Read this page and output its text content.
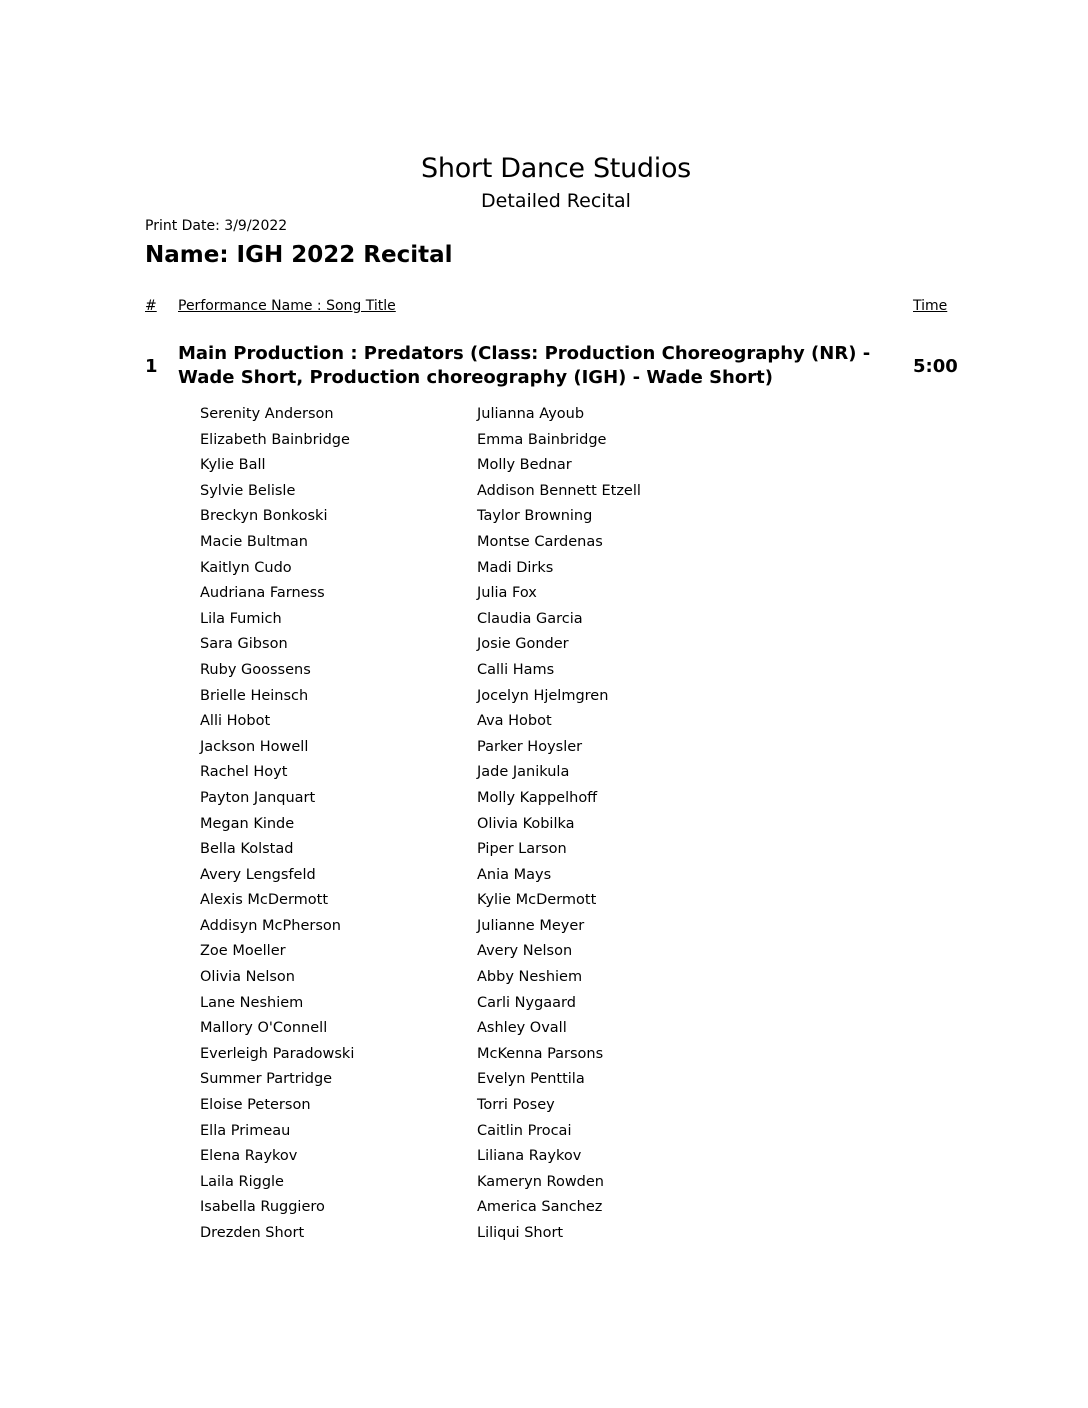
Short Dance Studios
Detailed Recital
Print Date: 3/9/2022
Name: IGH 2022 Recital
# Performance Name : Song Title	Time
1
Main Production : Predators (Class: Production Choreography (NR) - Wade Short, Production choreography (IGH) - Wade Short)
5:00
Serenity Anderson	Julianna Ayoub
Elizabeth Bainbridge	Emma Bainbridge
Kylie Ball	Molly Bednar
Sylvie Belisle	Addison Bennett Etzell
Breckyn Bonkoski	Taylor Browning
Macie Bultman	Montse Cardenas
Kaitlyn Cudo	Madi Dirks
Audriana Farness	Julia Fox
Lila Fumich	Claudia Garcia
Sara Gibson	Josie Gonder
Ruby Goossens	Calli Hams
Brielle Heinsch	Jocelyn Hjelmgren
Alli Hobot	Ava Hobot
Jackson Howell	Parker Hoysler
Rachel Hoyt	Jade Janikula
Payton Janquart	Molly Kappelhoff
Megan Kinde	Olivia Kobilka
Bella Kolstad	Piper Larson
Avery Lengsfeld	Ania Mays
Alexis McDermott	Kylie McDermott
Addisyn McPherson	Julianne Meyer
Zoe Moeller	Avery Nelson
Olivia Nelson	Abby Neshiem
Lane Neshiem	Carli Nygaard
Mallory O'Connell	Ashley Ovall
Everleigh Paradowski	McKenna Parsons
Summer Partridge	Evelyn Penttila
Eloise Peterson	Torri Posey
Ella Primeau	Caitlin Procai
Elena Raykov	Liliana Raykov
Laila Riggle	Kameryn Rowden
Isabella Ruggiero	America Sanchez
Drezden Short	Liliqui Short
